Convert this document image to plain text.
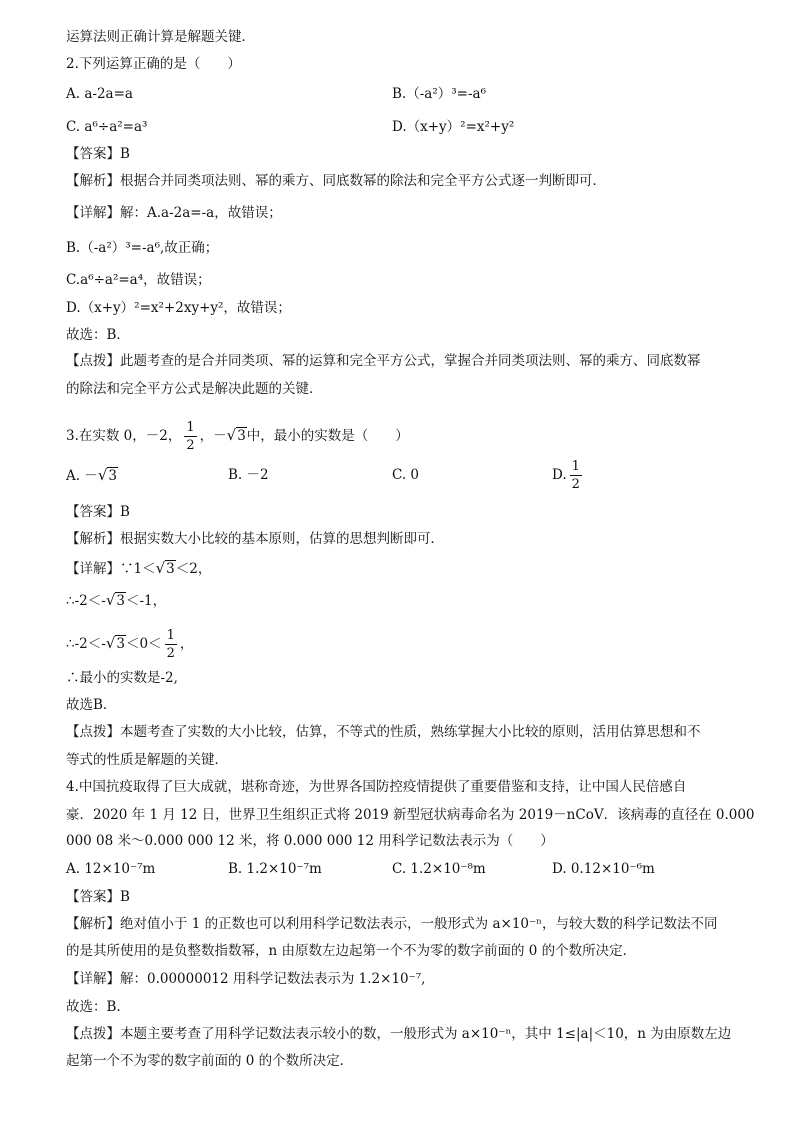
运算法则正确计算是解题关键．
2.下列运算正确的是（　　）
A. a-2a=a	B.（-a²）³=-a⁶
C. a⁶÷a²=a³	D.（x+y）²=x²+y²
【答案】B
【解析】根据合并同类项法则、幂的乘方、同底数幂的除法和完全平方公式逐一判断即可．
【详解】解：A.a-2a=-a，故错误；
B.（-a²）³=-a⁶,故正确；
C.a⁶÷a²=a⁴，故错误；
D.（x+y）²=x²+2xy+y²，故错误；
故选：B．
【点拨】此题考查的是合并同类项、幂的运算和完全平方公式，掌握合并同类项法则、幂的乘方、同底数幂
的除法和完全平方公式是解决此题的关键．
3.在实数 0，－2， $\frac{1}{2}$ ，－√3中，最小的实数是（　　）
A. －√3	B. －2	C. 0	D. $\frac{1}{2}$
【答案】B
【解析】根据实数大小比较的基本原则，估算的思想判断即可．
【详解】∵1＜√3＜2，
∴-2＜-√3＜-1，
∴-2＜-√3＜0＜ $\frac{1}{2}$ ，
∴最小的实数是-2,
故选B．
【点拨】本题考查了实数的大小比较，估算，不等式的性质，熟练掌握大小比较的原则，活用估算思想和不
等式的性质是解题的关键．
4.中国抗疫取得了巨大成就，堪称奇迹，为世界各国防控疫情提供了重要借鉴和支持，让中国人民倍感自
豪．2020 年 1 月 12 日，世界卫生组织正式将 2019 新型冠状病毒命名为 2019－nCoV．该病毒的直径在 0.000
000 08 米～0.000 000 12 米，将 0.000 000 12 用科学记数法表示为（　　）
A. 12×10⁻⁷m	B. 1.2×10⁻⁷m	C. 1.2×10⁻⁸m	D. 0.12×10⁻⁶m
【答案】B
【解析】绝对值小于 1 的正数也可以利用科学记数法表示，一般形式为 a×10⁻ⁿ，与较大数的科学记数法不同
的是其所使用的是负整数指数幂，n 由原数左边起第一个不为零的数字前面的 0 的个数所决定．
【详解】解：0.00000012 用科学记数法表示为 1.2×10⁻⁷,
故选：B.
【点拨】本题主要考查了用科学记数法表示较小的数，一般形式为 a×10⁻ⁿ，其中 1≤|a|＜10，n 为由原数左边
起第一个不为零的数字前面的 0 的个数所决定．
